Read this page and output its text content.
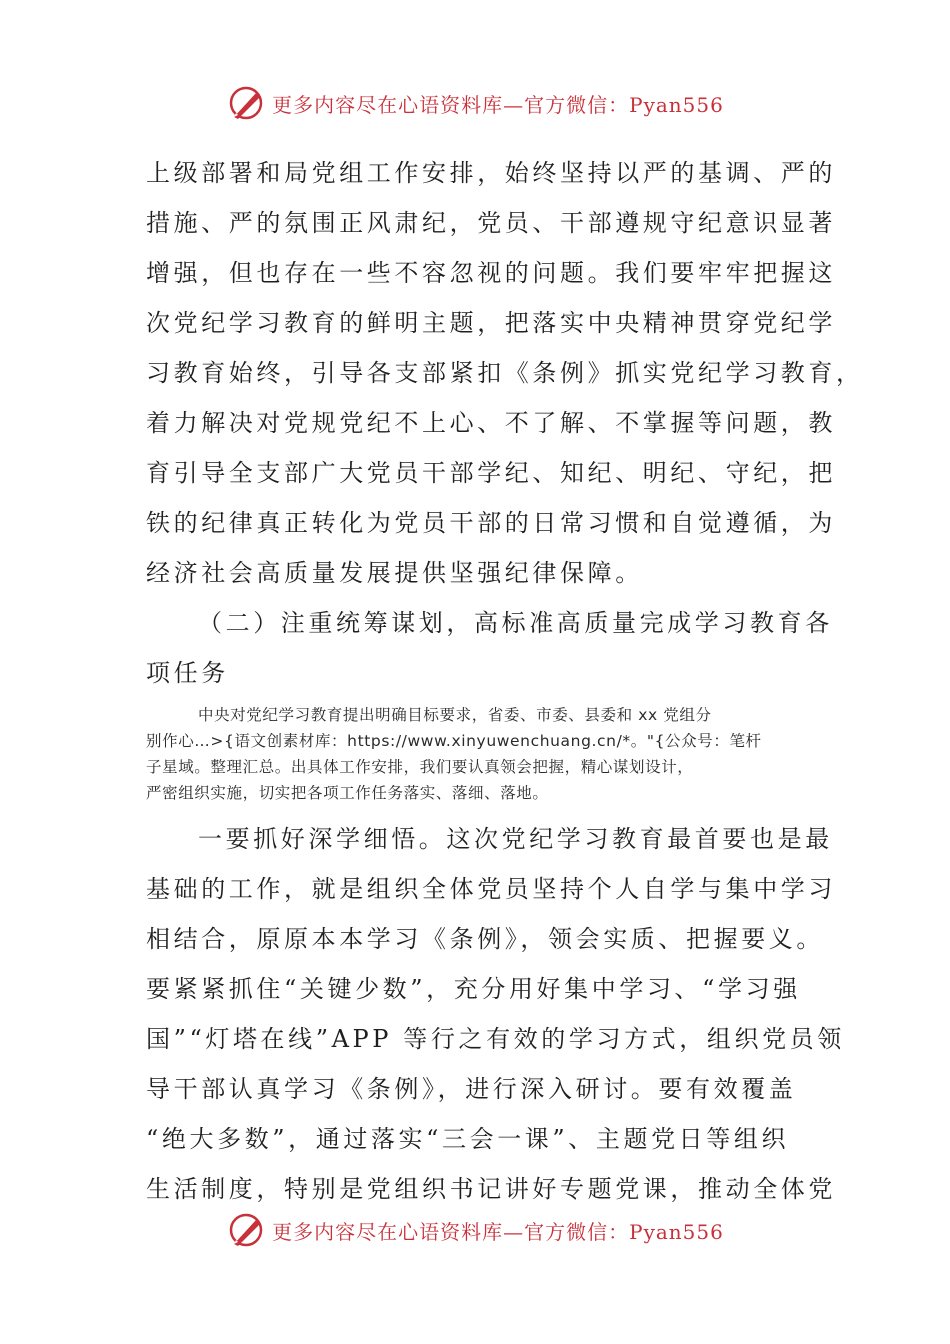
更多内容尽在心语资料库—官方微信：Pyan556

上级部署和局党组工作安排，始终坚持以严的基调、严的

措施、严的氛围正风肃纪，党员、干部遵规守纪意识显著

增强，但也存在一些不容忽视的问题。我们要牢牢把握这

次党纪学习教育的鲜明主题，把落实中央精神贯穿党纪学

习教育始终，引导各支部紧扣《条例》抓实党纪学习教育，

着力解决对党规党纪不上心、不了解、不掌握等问题，教

育引导全支部广大党员干部学纪、知纪、明纪、守纪，把

铁的纪律真正转化为党员干部的日常习惯和自觉遵循，为

经济社会高质量发展提供坚强纪律保障。

（二）注重统筹谋划，高标准高质量完成学习教育各

项任务

中央对党纪学习教育提出明确目标要求，省委、市委、县委和 xx 党组分

别作心…>{语文创素材库：https://www.xinyuwenchuang.cn/*。"{公众号：笔杆

子星域。整理汇总。出具体工作安排，我们要认真领会把握，精心谋划设计，

严密组织实施，切实把各项工作任务落实、落细、落地。

一要抓好深学细悟。这次党纪学习教育最首要也是最

基础的工作，就是组织全体党员坚持个人自学与集中学习

相结合，原原本本学习《条例》，领会实质、把握要义。

要紧紧抓住“关键少数”，充分用好集中学习、“学习强

国”“灯塔在线”APP 等行之有效的学习方式，组织党员领

导干部认真学习《条例》，进行深入研讨。要有效覆盖

“绝大多数”，通过落实“三会一课”、主题党日等组织

生活制度，特别是党组织书记讲好专题党课，推动全体党

更多内容尽在心语资料库—官方微信：Pyan556
